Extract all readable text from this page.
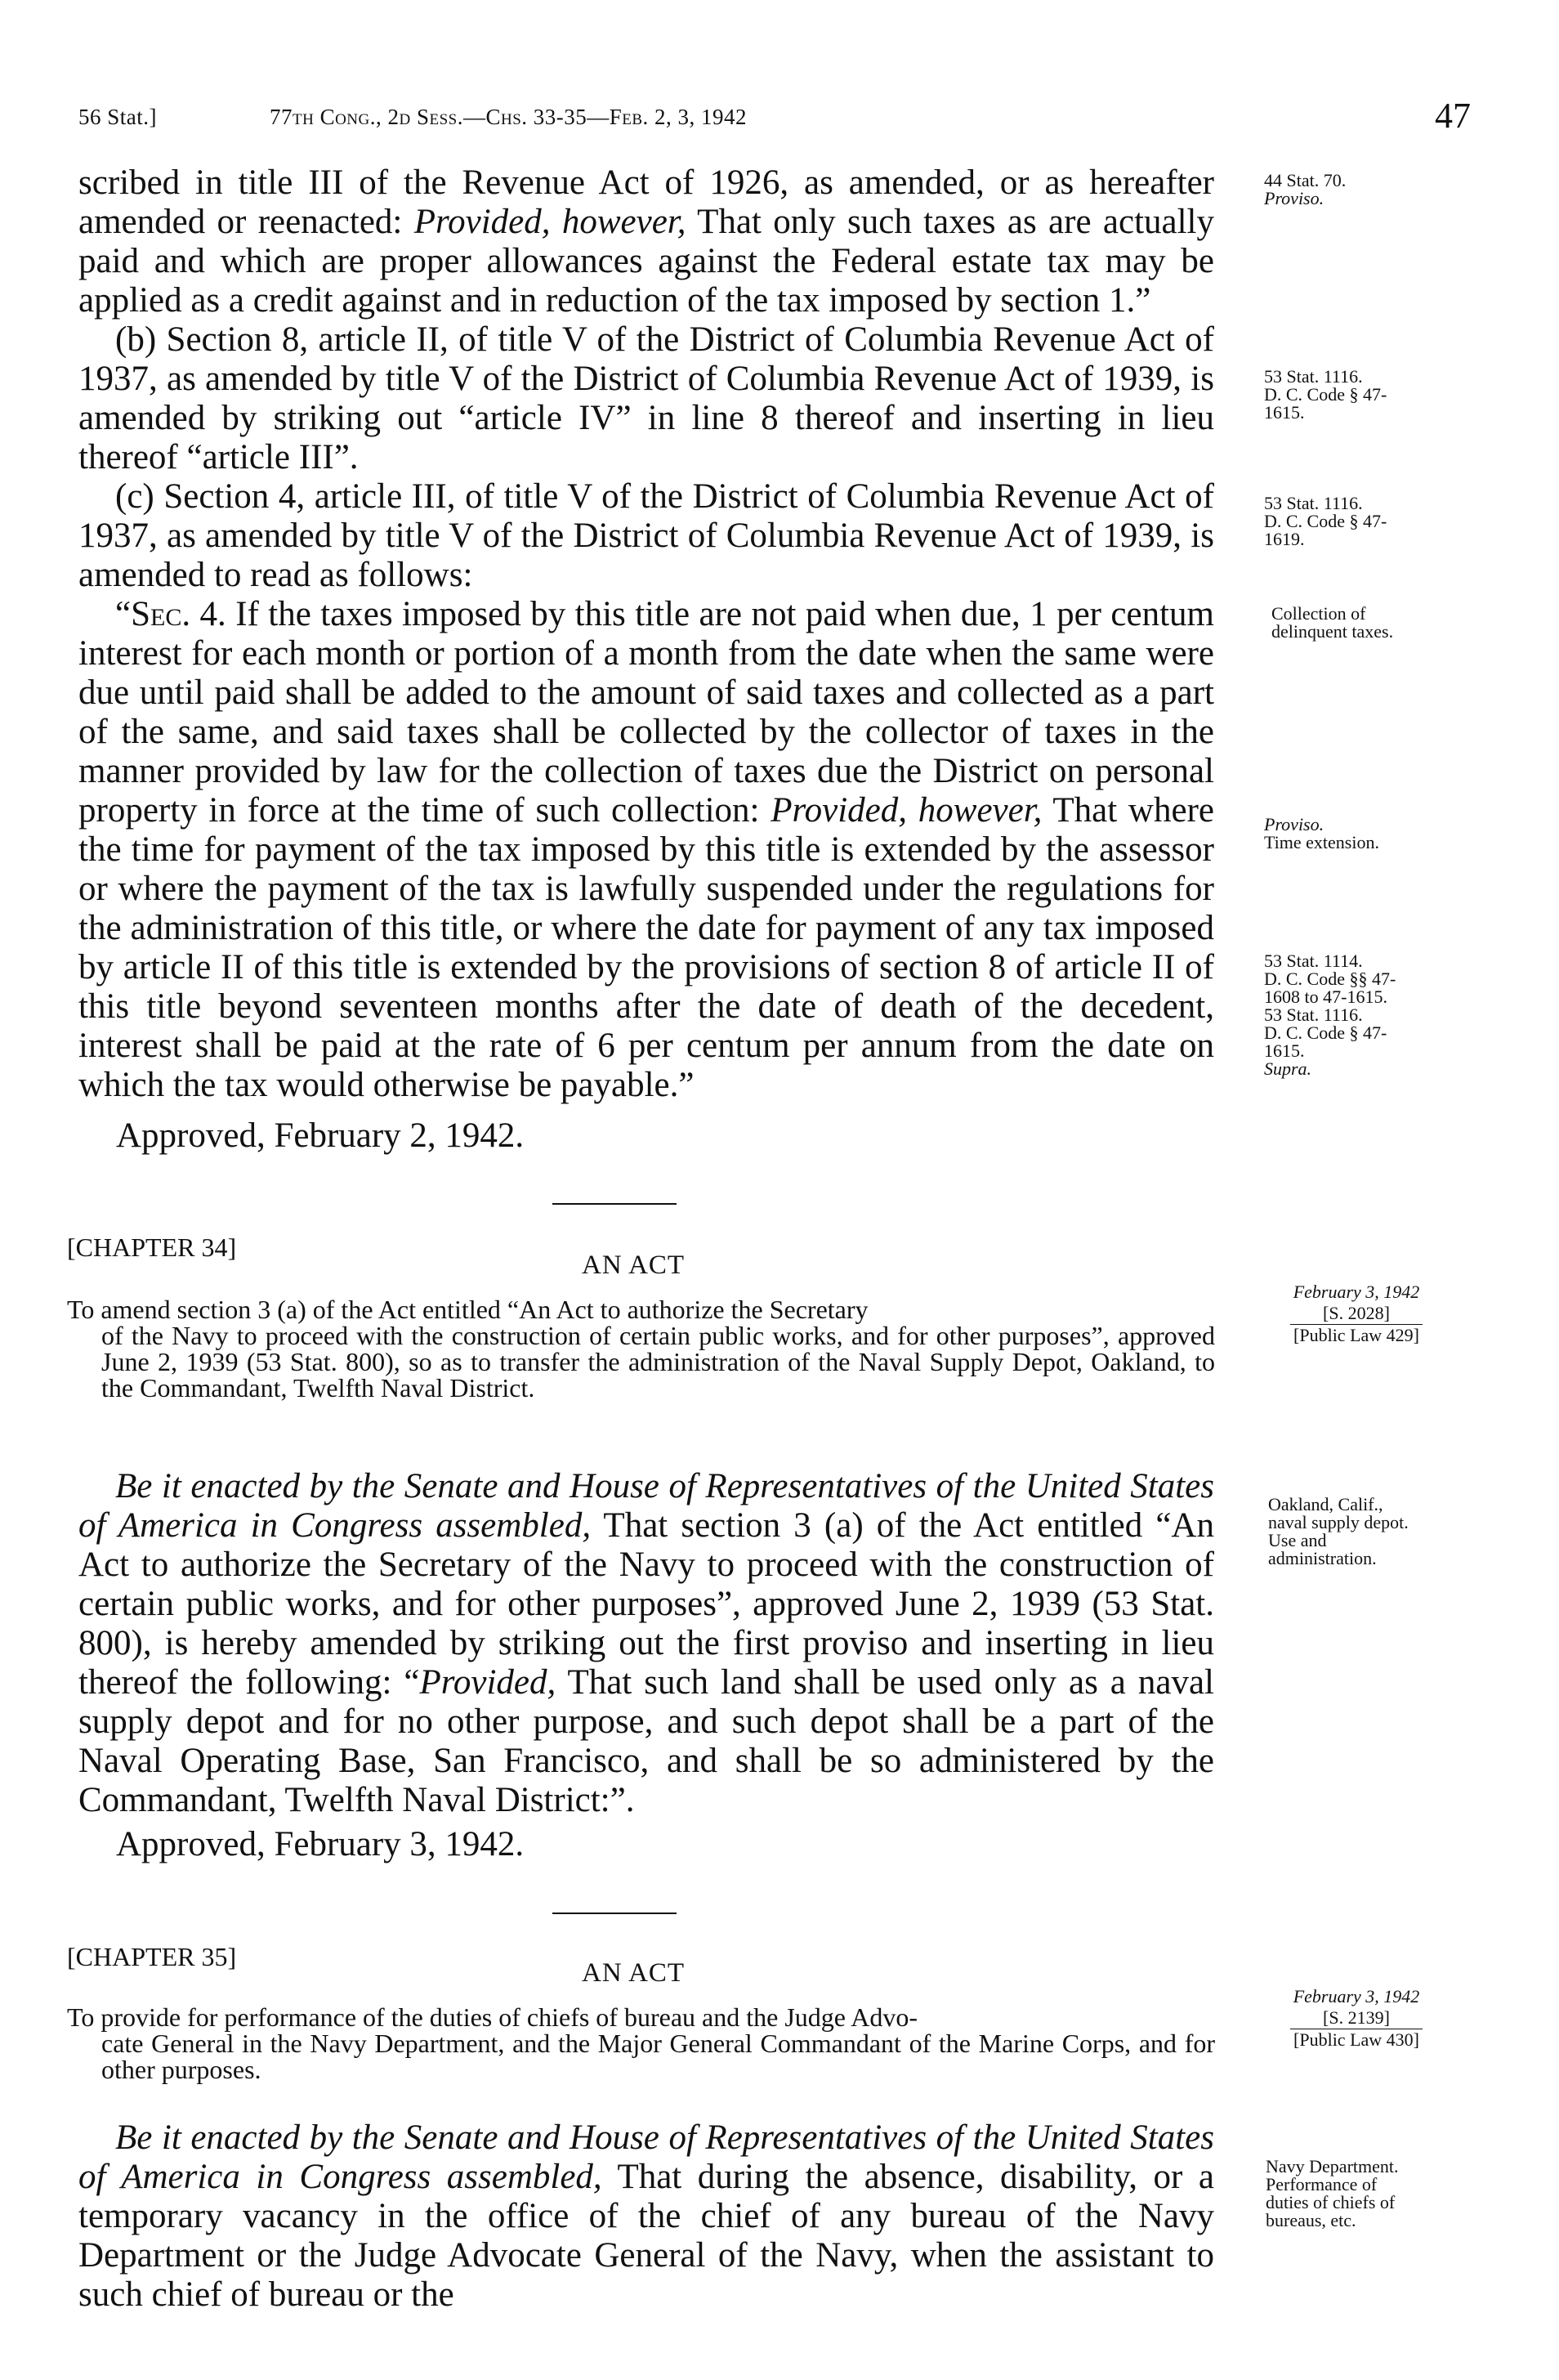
56 Stat.]	77th Cong., 2d Sess.—Chs. 33-35—Feb. 2, 3, 1942	47

scribed in title III of the Revenue Act of 1926, as amended, or as hereafter amended or reenacted: Provided, however, That only such taxes as are actually paid and which are proper allowances against the Federal estate tax may be applied as a credit against and in reduction of the tax imposed by section 1.”

(b) Section 8, article II, of title V of the District of Columbia Revenue Act of 1937, as amended by title V of the District of Columbia Revenue Act of 1939, is amended by striking out “article IV” in line 8 thereof and inserting in lieu thereof “article III”.

(c) Section 4, article III, of title V of the District of Columbia Revenue Act of 1937, as amended by title V of the District of Columbia Revenue Act of 1939, is amended to read as follows:

“Sec. 4. If the taxes imposed by this title are not paid when due, 1 per centum interest for each month or portion of a month from the date when the same were due until paid shall be added to the amount of said taxes and collected as a part of the same, and said taxes shall be collected by the collector of taxes in the manner provided by law for the collection of taxes due the District on personal property in force at the time of such collection: Provided, however, That where the time for payment of the tax imposed by this title is extended by the assessor or where the payment of the tax is lawfully suspended under the regulations for the administration of this title, or where the date for payment of any tax imposed by article II of this title is extended by the provisions of section 8 of article II of this title beyond seventeen months after the date of death of the decedent, interest shall be paid at the rate of 6 per centum per annum from the date on which the tax would otherwise be payable.”

Approved, February 2, 1942.
44 Stat. 70.
Proviso.
53 Stat. 1116.
D. C. Code § 47-1615.
53 Stat. 1116.
D. C. Code § 47-1619.
Collection of delinquent taxes.
Proviso.
Time extension.
53 Stat. 1114.
D. C. Code §§ 47-1608 to 47-1615.
53 Stat. 1116.
D. C. Code § 47-1615.
Supra.
[CHAPTER 34]
AN ACT
To amend section 3 (a) of the Act entitled “An Act to authorize the Secretary
of the Navy to proceed with the construction of certain public works, and for other purposes”, approved June 2, 1939 (53 Stat. 800), so as to transfer the administration of the Naval Supply Depot, Oakland, to the Commandant, Twelfth Naval District.
February 3, 1942
[S. 2028]
[Public Law 429]

Be it enacted by the Senate and House of Representatives of the United States of America in Congress assembled, That section 3 (a) of the Act entitled “An Act to authorize the Secretary of the Navy to proceed with the construction of certain public works, and for other purposes”, approved June 2, 1939 (53 Stat. 800), is hereby amended by striking out the first proviso and inserting in lieu thereof the following: “Provided, That such land shall be used only as a naval supply depot and for no other purpose, and such depot shall be a part of the Naval Operating Base, San Francisco, and shall be so administered by the Commandant, Twelfth Naval District:”.

Approved, February 3, 1942.
Oakland, Calif., naval supply depot.
Use and administration.
[CHAPTER 35]
AN ACT
To provide for performance of the duties of chiefs of bureau and the Judge Advo-
cate General in the Navy Department, and the Major General Commandant of the Marine Corps, and for other purposes.
February 3, 1942
[S. 2139]
[Public Law 430]

Be it enacted by the Senate and House of Representatives of the United States of America in Congress assembled, That during the absence, disability, or a temporary vacancy in the office of the chief of any bureau of the Navy Department or the Judge Advocate General of the Navy, when the assistant to such chief of bureau or the

Navy Department.
Performance of duties of chiefs of bureaus, etc.
